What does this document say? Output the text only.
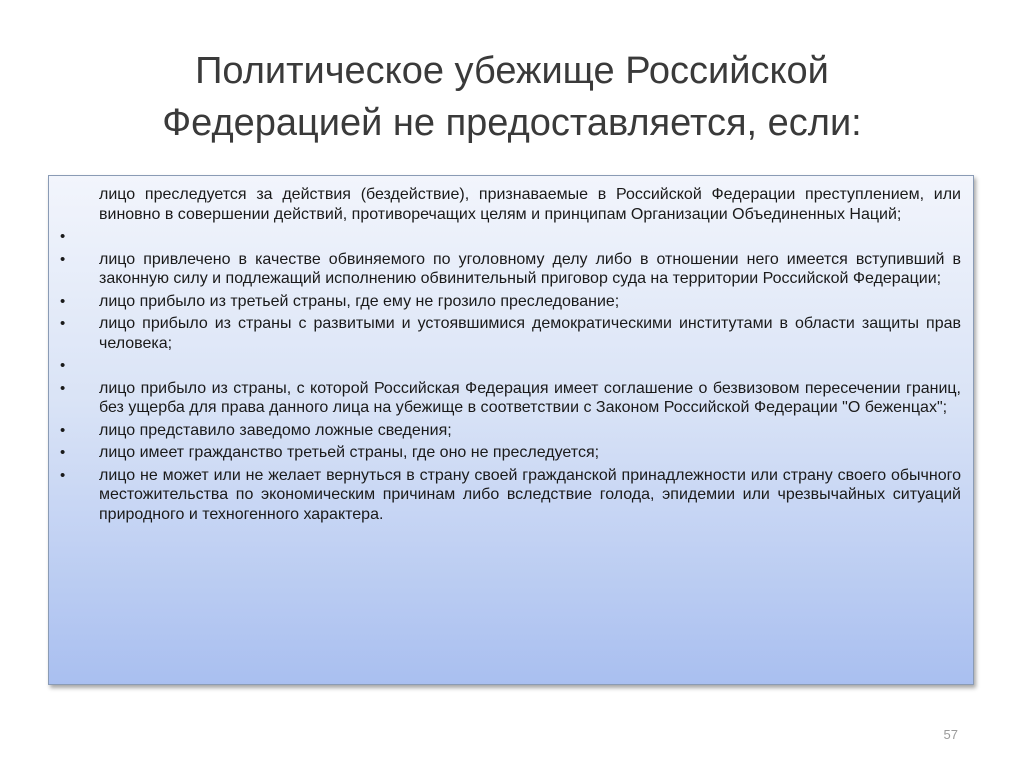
Политическое убежище Российской
Федерацией не предоставляется, если:
лицо преследуется за действия (бездействие), признаваемые в Российской Федерации преступлением, или виновно в совершении действий, противоречащих целям и принципам Организации Объединенных Наций;
•
•	лицо привлечено в качестве обвиняемого по уголовному делу либо в отношении него имеется вступивший в законную силу и подлежащий исполнению обвинительный приговор суда на территории Российской Федерации;
•	лицо прибыло из третьей страны, где ему не грозило преследование;
•	лицо прибыло из страны с развитыми и устоявшимися демократическими институтами в области защиты прав человека;
•
•	лицо прибыло из страны, с которой Российская Федерация имеет соглашение о безвизовом пересечении границ, без ущерба для права данного лица на убежище в соответствии с Законом Российской Федерации "О беженцах";
•	лицо представило заведомо ложные сведения;
•	лицо имеет гражданство третьей страны, где оно не преследуется;
•	лицо не может или не желает вернуться в страну своей гражданской принадлежности или страну своего обычного местожительства по экономическим причинам либо вследствие голода, эпидемии или чрезвычайных ситуаций природного и техногенного характера.
57
